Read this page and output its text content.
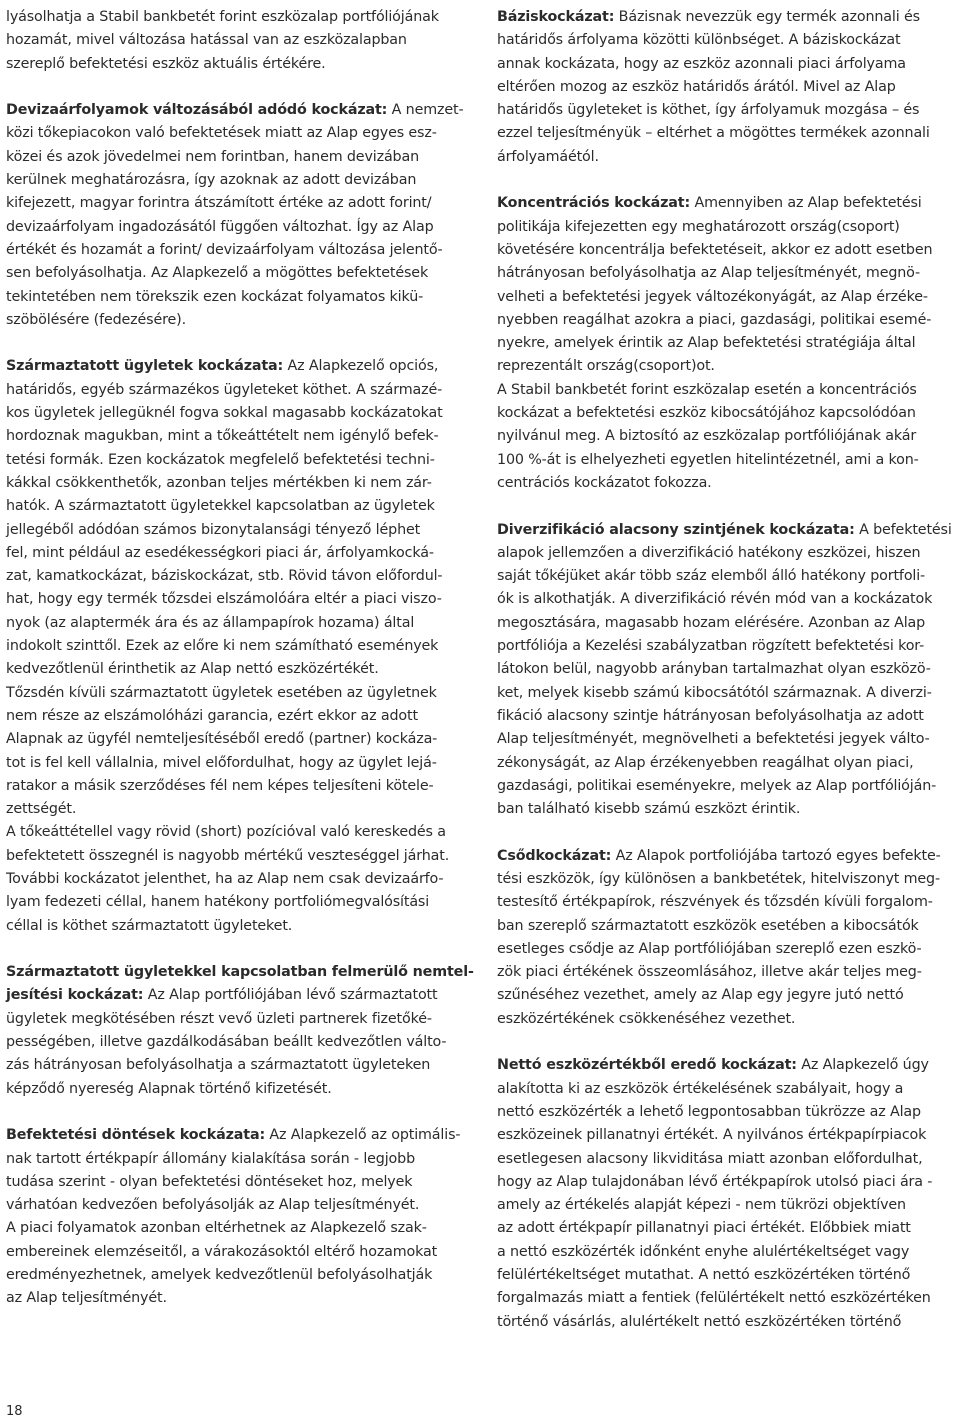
lyásolhatja a Stabil bankbetét forint eszközalap portfóliójának
hozamát, mivel változása hatással van az eszközalapban
szereplő befektetési eszköz aktuális értékére.
Devizaárfolyamok változásából adódó kockázat: A nemzet-
közi tőkepiacokon való befektetések miatt az Alap egyes esz-
közei és azok jövedelmei nem forintban, hanem devizában
kerülnek meghatározásra, így azoknak az adott devizában
kifejezett, magyar forintra átszámított értéke az adott forint/
devizaárfolyam ingadozásától függően változhat. Így az Alap
értékét és hozamát a forint/ devizaárfolyam változása jelentő-
sen befolyásolhatja. Az Alapkezelő a mögöttes befektetések
tekintetében nem törekszik ezen kockázat folyamatos kikü-
szöbölésére (fedezésére).
Származtatott ügyletek kockázata: Az Alapkezelő opciós,
határidős, egyéb származékos ügyleteket köthet. A származé-
kos ügyletek jellegüknél fogva sokkal magasabb kockázatokat
hordoznak magukban, mint a tőkeáttételt nem igénylő befek-
tetési formák. Ezen kockázatok megfelelő befektetési techni-
kákkal csökkenthetők, azonban teljes mértékben ki nem zár-
hatók. A származtatott ügyletekkel kapcsolatban az ügyletek
jellegéből adódóan számos bizonytalansági tényező léphet
fel, mint például az esedékességkori piaci ár, árfolyamkocká-
zat, kamatkockázat, báziskockázat, stb. Rövid távon előfordul-
hat, hogy egy termék tőzsdei elszámolóára eltér a piaci viszo-
nyok (az alaptermék ára és az állampapírok hozama) által
indokolt szinttől. Ezek az előre ki nem számítható események
kedvezőtlenül érinthetik az Alap nettó eszközértékét.
Tőzsdén kívüli származtatott ügyletek esetében az ügyletnek
nem része az elszámolóházi garancia, ezért ekkor az adott
Alapnak az ügyfél nemteljesítéséből eredő (partner) kockáza-
tot is fel kell vállalnia, mivel előfordulhat, hogy az ügylet lejá-
ratakor a másik szerződéses fél nem képes teljesíteni kötele-
zettségét.
A tőkeáttétellel vagy rövid (short) pozícióval való kereskedés a
befektetett összegnél is nagyobb mértékű veszteséggel járhat.
További kockázatot jelenthet, ha az Alap nem csak devizaárfo-
lyam fedezeti céllal, hanem hatékony portfoliómegvalósítási
céllal is köthet származtatott ügyleteket.
Származtatott ügyletekkel kapcsolatban felmerülő nemtel-
jesítési kockázat: Az Alap portfóliójában lévő származtatott
ügyletek megkötésében részt vevő üzleti partnerek fizetőké-
pességében, illetve gazdálkodásában beállt kedvezőtlen válto-
zás hátrányosan befolyásolhatja a származtatott ügyleteken
képződő nyereség Alapnak történő kifizetését.
Befektetési döntések kockázata: Az Alapkezelő az optimális-
nak tartott értékpapír állomány kialakítása során - legjobb
tudása szerint - olyan befektetési döntéseket hoz, melyek
várhatóan kedvezően befolyásolják az Alap teljesítményét.
A piaci folyamatok azonban eltérhetnek az Alapkezelő szak-
embereinek elemzéseitől, a várakozásoktól eltérő hozamokat
eredményezhetnek, amelyek kedvezőtlenül befolyásolhatják
az Alap teljesítményét.
Báziskockázat: Bázisnak nevezzük egy termék azonnali és
határidős árfolyama közötti különbséget. A báziskockázat
annak kockázata, hogy az eszköz azonnali piaci árfolyama
eltérően mozog az eszköz határidős árától. Mivel az Alap
határidős ügyleteket is köthet, így árfolyamuk mozgása – és
ezzel teljesítményük – eltérhet a mögöttes termékek azonnali
árfolyamáétól.
Koncentrációs kockázat: Amennyiben az Alap befektetési
politikája kifejezetten egy meghatározott ország(csoport)
követésére koncentrálja befektetéseit, akkor ez adott esetben
hátrányosan befolyásolhatja az Alap teljesítményét, megnö-
velheti a befektetési jegyek változékonyágát, az Alap érzéke-
nyebben reagálhat azokra a piaci, gazdasági, politikai esemé-
nyekre, amelyek érintik az Alap befektetési stratégiája által
reprezentált ország(csoport)ot.
A Stabil bankbetét forint eszközalap esetén a koncentrációs
kockázat a befektetési eszköz kibocsátójához kapcsolódóan
nyilvánul meg. A biztosító az eszközalap portfóliójának akár
100 %-át is elhelyezheti egyetlen hitelintézetnél, ami a kon-
centrációs kockázatot fokozza.
Diverzifikáció alacsony szintjének kockázata: A befektetési
alapok jellemzően a diverzifikáció hatékony eszközei, hiszen
saját tőkéjüket akár több száz elemből álló hatékony portfoli-
ók is alkothatják. A diverzifikáció révén mód van a kockázatok
megosztására, magasabb hozam elérésére. Azonban az Alap
portfóliója a Kezelési szabályzatban rögzített befektetési kor-
látokon belül, nagyobb arányban tartalmazhat olyan eszközö-
ket, melyek kisebb számú kibocsátótól származnak. A diverzi-
fikáció alacsony szintje hátrányosan befolyásolhatja az adott
Alap teljesítményét, megnövelheti a befektetési jegyek válto-
zékonyságát, az Alap érzékenyebben reagálhat olyan piaci,
gazdasági, politikai eseményekre, melyek az Alap portfólióján-
ban található kisebb számú eszközt érintik.
Csődkockázat: Az Alapok portfoliójába tartozó egyes befekte-
tési eszközök, így különösen a bankbetétek, hitelviszonyt meg-
testesítő értékpapírok, részvények és tőzsdén kívüli forgalom-
ban szereplő származtatott eszközök esetében a kibocsátók
esetleges csődje az Alap portfóliójában szereplő ezen eszkö-
zök piaci értékének összeomlásához, illetve akár teljes meg-
szűnéséhez vezethet, amely az Alap egy jegyre jutó nettó
eszközértékének csökkenéséhez vezethet.
Nettó eszközértékből eredő kockázat: Az Alapkezelő úgy
alakította ki az eszközök értékelésének szabályait, hogy a
nettó eszközérték a lehető legpontosabban tükrözze az Alap
eszközeinek pillanatnyi értékét. A nyilvános értékpapírpiacok
esetlegesen alacsony likviditása miatt azonban előfordulhat,
hogy az Alap tulajdonában lévő értékpapírok utolsó piaci ára -
amely az értékelés alapját képezi - nem tükrözi objektíven
az adott értékpapír pillanatnyi piaci értékét. Előbbiek miatt
a nettó eszközérték időnként enyhe alulértékeltséget vagy
felülértékeltséget mutathat. A nettó eszközértéken történő
forgalmazás miatt a fentiek (felülértékelt nettó eszközértéken
történő vásárlás, alulértékelt nettó eszközértéken történő
18
